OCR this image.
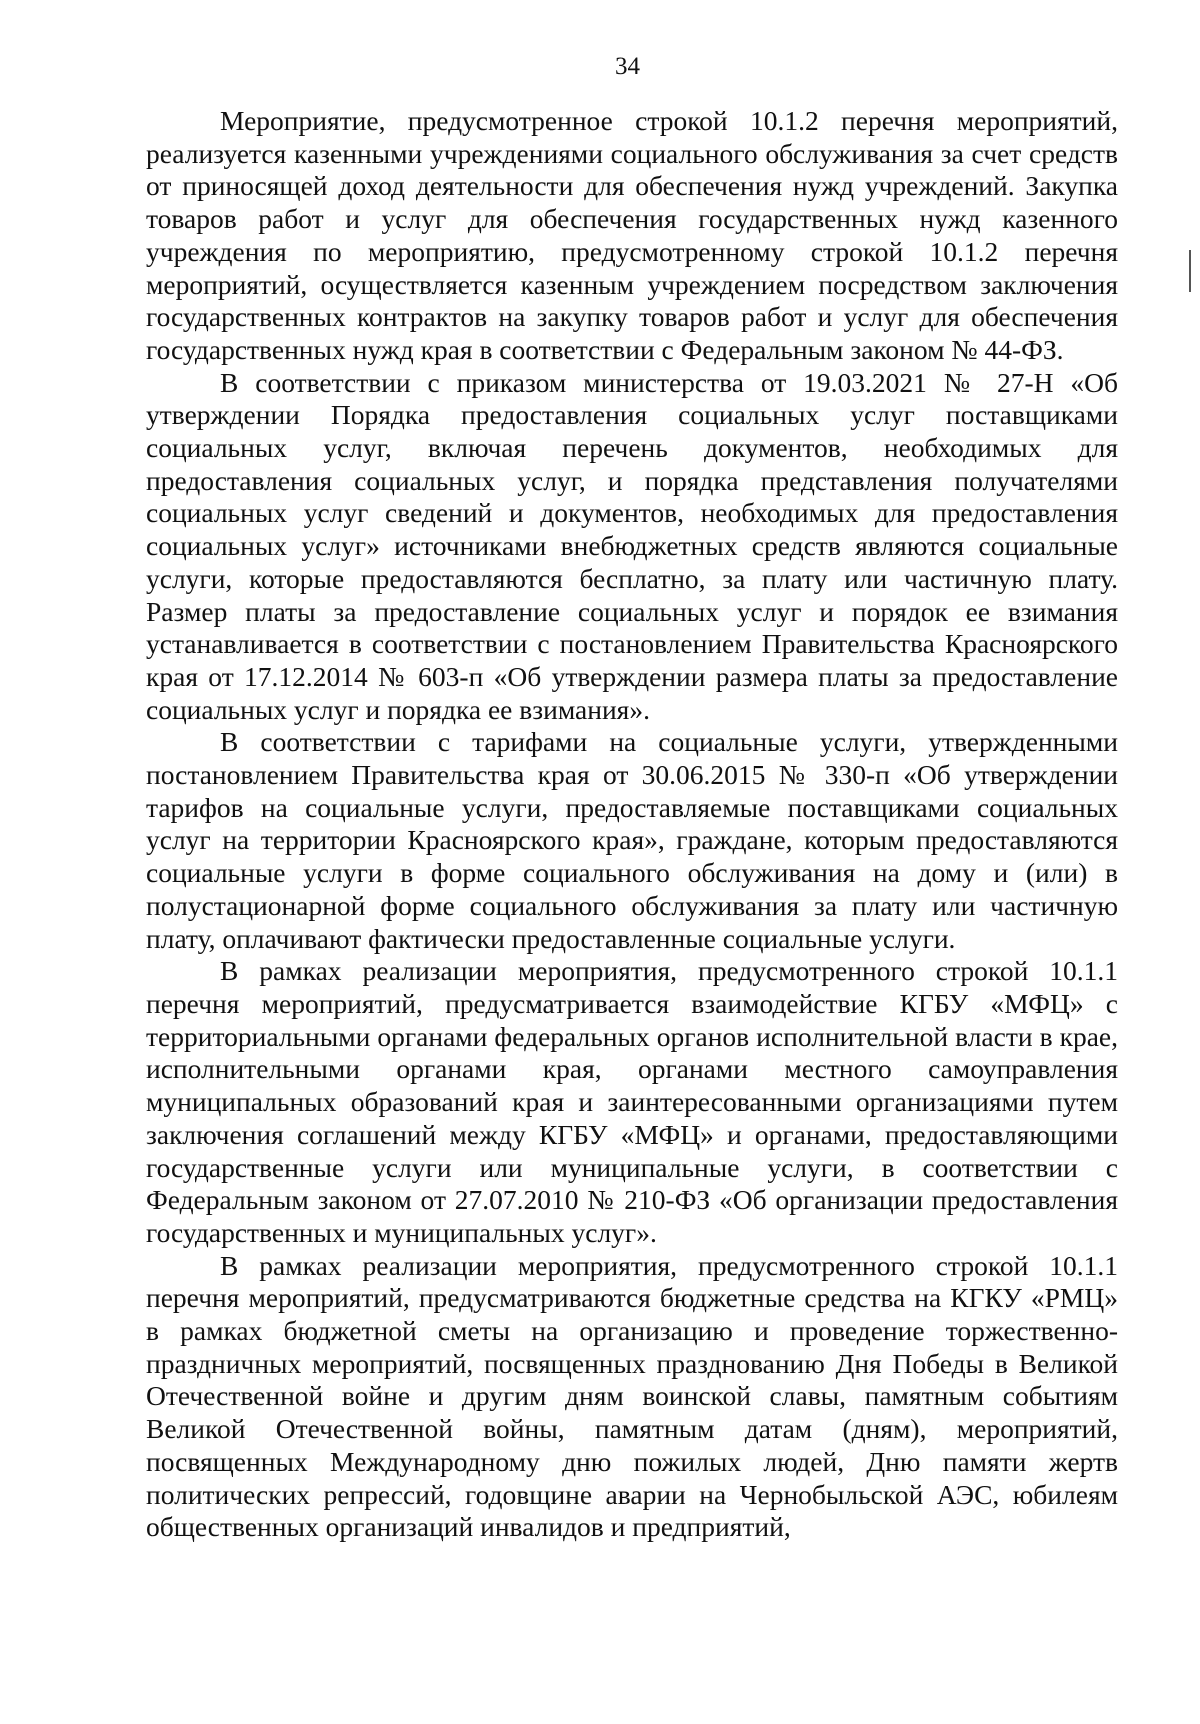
34

Мероприятие, предусмотренное строкой 10.1.2 перечня мероприятий, реализуется казенными учреждениями социального обслуживания за счет средств от приносящей доход деятельности для обеспечения нужд учреждений. Закупка товаров работ и услуг для обеспечения государственных нужд казенного учреждения по мероприятию, предусмотренному строкой 10.1.2 перечня мероприятий, осуществляется казенным учреждением посредством заключения государственных контрактов на закупку товаров работ и услуг для обеспечения государственных нужд края в соответствии с Федеральным законом № 44-ФЗ.

В соответствии с приказом министерства от 19.03.2021 № 27-Н «Об утверждении Порядка предоставления социальных услуг поставщиками социальных услуг, включая перечень документов, необходимых для предоставления социальных услуг, и порядка представления получателями социальных услуг сведений и документов, необходимых для предоставления социальных услуг» источниками внебюджетных средств являются социальные услуги, которые предоставляются бесплатно, за плату или частичную плату. Размер платы за предоставление социальных услуг и порядок ее взимания устанавливается в соответствии с постановлением Правительства Красноярского края от 17.12.2014 № 603-п «Об утверждении размера платы за предоставление социальных услуг и порядка ее взимания».

В соответствии с тарифами на социальные услуги, утвержденными постановлением Правительства края от 30.06.2015 № 330-п «Об утверждении тарифов на социальные услуги, предоставляемые поставщиками социальных услуг на территории Красноярского края», граждане, которым предоставляются социальные услуги в форме социального обслуживания на дому и (или) в полустационарной форме социального обслуживания за плату или частичную плату, оплачивают фактически предоставленные социальные услуги.

В рамках реализации мероприятия, предусмотренного строкой 10.1.1 перечня мероприятий, предусматривается взаимодействие КГБУ «МФЦ» с территориальными органами федеральных органов исполнительной власти в крае, исполнительными органами края, органами местного самоуправления муниципальных образований края и заинтересованными организациями путем заключения соглашений между КГБУ «МФЦ» и органами, предоставляющими государственные услуги или муниципальные услуги, в соответствии с Федеральным законом от 27.07.2010 № 210-ФЗ «Об организации предоставления государственных и муниципальных услуг».

В рамках реализации мероприятия, предусмотренного строкой 10.1.1 перечня мероприятий, предусматриваются бюджетные средства на КГКУ «РМЦ» в рамках бюджетной сметы на организацию и проведение торжественно-праздничных мероприятий, посвященных празднованию Дня Победы в Великой Отечественной войне и другим дням воинской славы, памятным событиям Великой Отечественной войны, памятным датам (дням), мероприятий, посвященных Международному дню пожилых людей, Дню памяти жертв политических репрессий, годовщине аварии на Чернобыльской АЭС, юбилеям общественных организаций инвалидов и предприятий,
